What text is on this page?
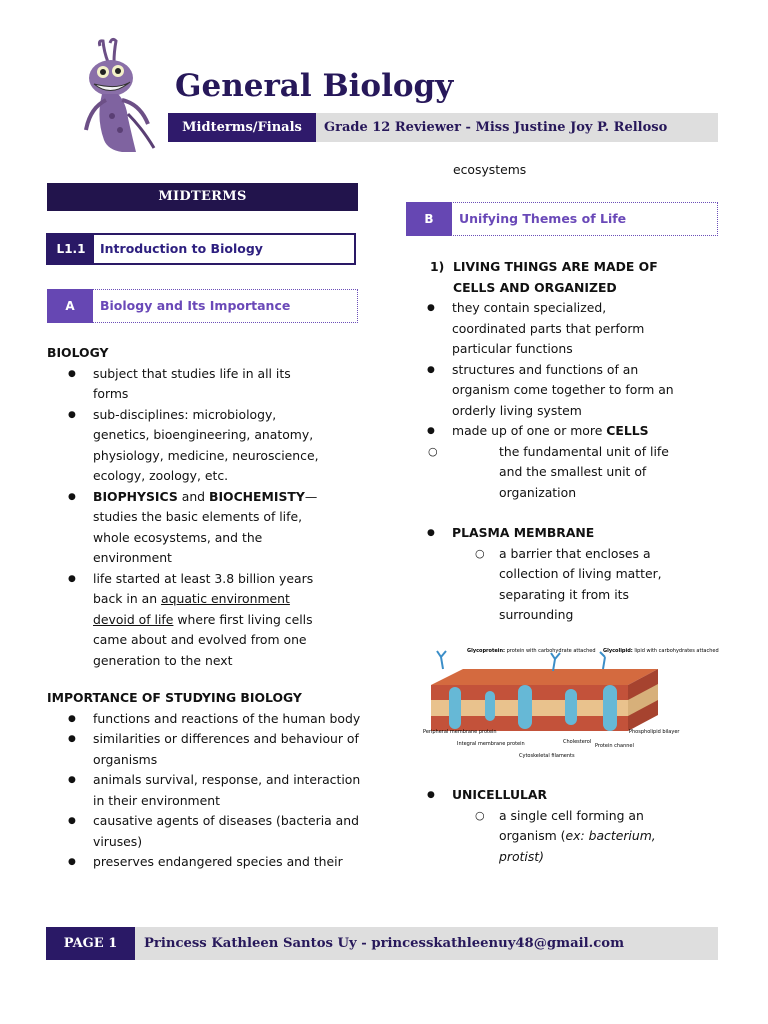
General Biology
Midterms/Finals	Grade 12 Reviewer - Miss Justine Joy P. Relloso
MIDTERMS
L1.1	Introduction to Biology
A	Biology and Its Importance
BIOLOGY
● subject that studies life in all its forms
● sub-disciplines: microbiology, genetics, bioengineering, anatomy, physiology, medicine, neuroscience, ecology, zoology, etc.
● BIOPHYSICS and BIOCHEMISTY— studies the basic elements of life, whole ecosystems, and the environment
● life started at least 3.8 billion years back in an aquatic environment devoid of life where first living cells came about and evolved from one generation to the next
IMPORTANCE OF STUDYING BIOLOGY
● functions and reactions of the human body
● similarities or differences and behaviour of organisms
● animals survival, response, and interaction in their environment
● causative agents of diseases (bacteria and viruses)
● preserves endangered species and their
ecosystems
B	Unifying Themes of Life
1) LIVING THINGS ARE MADE OF CELLS AND ORGANIZED
● they contain specialized, coordinated parts that perform particular functions
● structures and functions of an organism come together to form an orderly living system
● made up of one or more CELLS
○ the fundamental unit of life and the smallest unit of organization
● PLASMA MEMBRANE
○ a barrier that encloses a collection of living matter, separating it from its surrounding
Glycoprotein: protein with carbohydrate attached Glycolipid: lipid with carbohydrates attached
Peripheral membrane protein
Integral membrane protein	Cholesterol
Protein channel
Phospholipid bilayer
Cytoskeletal filaments
● UNICELLULAR
○ a single cell forming an organism (ex: bacterium, protist)
PAGE 1	Princess Kathleen Santos Uy - princesskathleenuy48@gmail.com
